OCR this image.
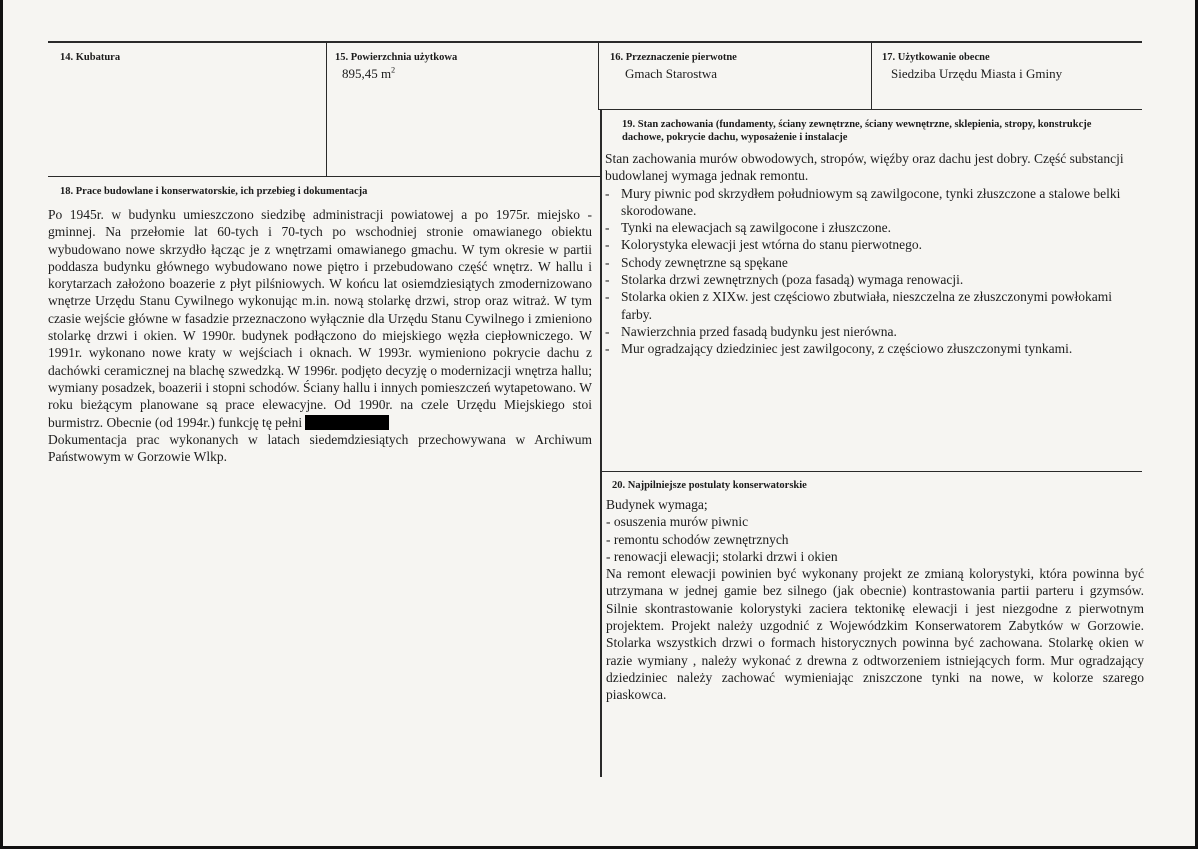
14. Kubatura	15. Powierzchnia użytkowa
895,45 $m^2$
16. Przeznaczenie pierwotne
Gmach Starostwa
17. Użytkowanie obecne
Siedziba Urzędu Miasta i Gminy
18. Prace budowlane i konserwatorskie, ich przebieg i dokumentacja

Po 1945r. w budynku umieszczono siedzibę administracji powiatowej a po 1975r. miejsko - gminnej. Na przełomie lat 60-tych i 70-tych po wschodniej stronie omawianego obiektu wybudowano nowe skrzydło łącząc je z wnętrzami omawianego gmachu. W tym okresie w partii poddasza budynku głównego wybudowano nowe piętro i przebudowano część wnętrz. W hallu i korytarzach założono boazerie z płyt pilśniowych. W końcu lat osiemdziesiątych zmodernizowano wnętrze Urzędu Stanu Cywilnego wykonując m.in. nową stolarkę drzwi, strop oraz witraż. W tym czasie wejście główne w fasadzie przeznaczono wyłącznie dla Urzędu Stanu Cywilnego i zmieniono stolarkę drzwi i okien. W 1990r. budynek podłączono do miejskiego węzła ciepłowniczego. W 1991r. wykonano nowe kraty w wejściach i oknach. W 1993r. wymieniono pokrycie dachu z dachówki ceramicznej na blachę szwedzką. W 1996r. podjęto decyzję o modernizacji wnętrza hallu; wymiany posadzek, boazerii i stopni schodów. Ściany hallu i innych pomieszczeń wytapetowano. W roku bieżącym planowane są prace elewacyjne. Od 1990r. na czele Urzędu Miejskiego stoi burmistrz. Obecnie (od 1994r.) funkcję tę pełni

Dokumentacja prac wykonanych w latach siedemdziesiątych przechowywana w Archiwum Państwowym w Gorzowie Wlkp.

19. Stan zachowania (fundamenty, ściany zewnętrzne, ściany wewnętrzne, sklepienia, stropy, konstrukcje dachowe, pokrycie dachu, wyposażenie i instalacje

Stan zachowania murów obwodowych, stropów, więźby oraz dachu jest dobry. Część substancji budowlanej wymaga jednak remontu.

- Mury piwnic pod skrzydłem południowym są zawilgocone, tynki złuszczone a stalowe belki skorodowane.
- Tynki na elewacjach są zawilgocone i złuszczone.
- Kolorystyka elewacji jest wtórna do stanu pierwotnego.
- Schody zewnętrzne są spękane
- Stolarka drzwi zewnętrznych (poza fasadą) wymaga renowacji.
- Stolarka okien z XIXw. jest częściowo zbutwiała, nieszczelna ze złuszczonymi powłokami farby.
- Nawierzchnia przed fasadą budynku jest nierówna.
- Mur ogradzający dziedziniec jest zawilgocony, z częściowo złuszczonymi tynkami.
20. Najpilniejsze postulaty konserwatorskie

Budynek wymaga;

- osuszenia murów piwnic

- remontu schodów zewnętrznych

- renowacji elewacji; stolarki drzwi i okien

Na remont elewacji powinien być wykonany projekt ze zmianą kolorystyki, która powinna być utrzymana w jednej gamie bez silnego (jak obecnie) kontrastowania partii parteru i gzymsów. Silnie skontrastowanie kolorystyki zaciera tektonikę elewacji i jest niezgodne z pierwotnym projektem. Projekt należy uzgodnić z Wojewódzkim Konserwatorem Zabytków w Gorzowie. Stolarka wszystkich drzwi o formach historycznych powinna być zachowana. Stolarkę okien w razie wymiany , należy wykonać z drewna z odtworzeniem istniejących form. Mur ogradzający dziedziniec należy zachować wymieniając zniszczone tynki na nowe, w kolorze szarego piaskowca.
